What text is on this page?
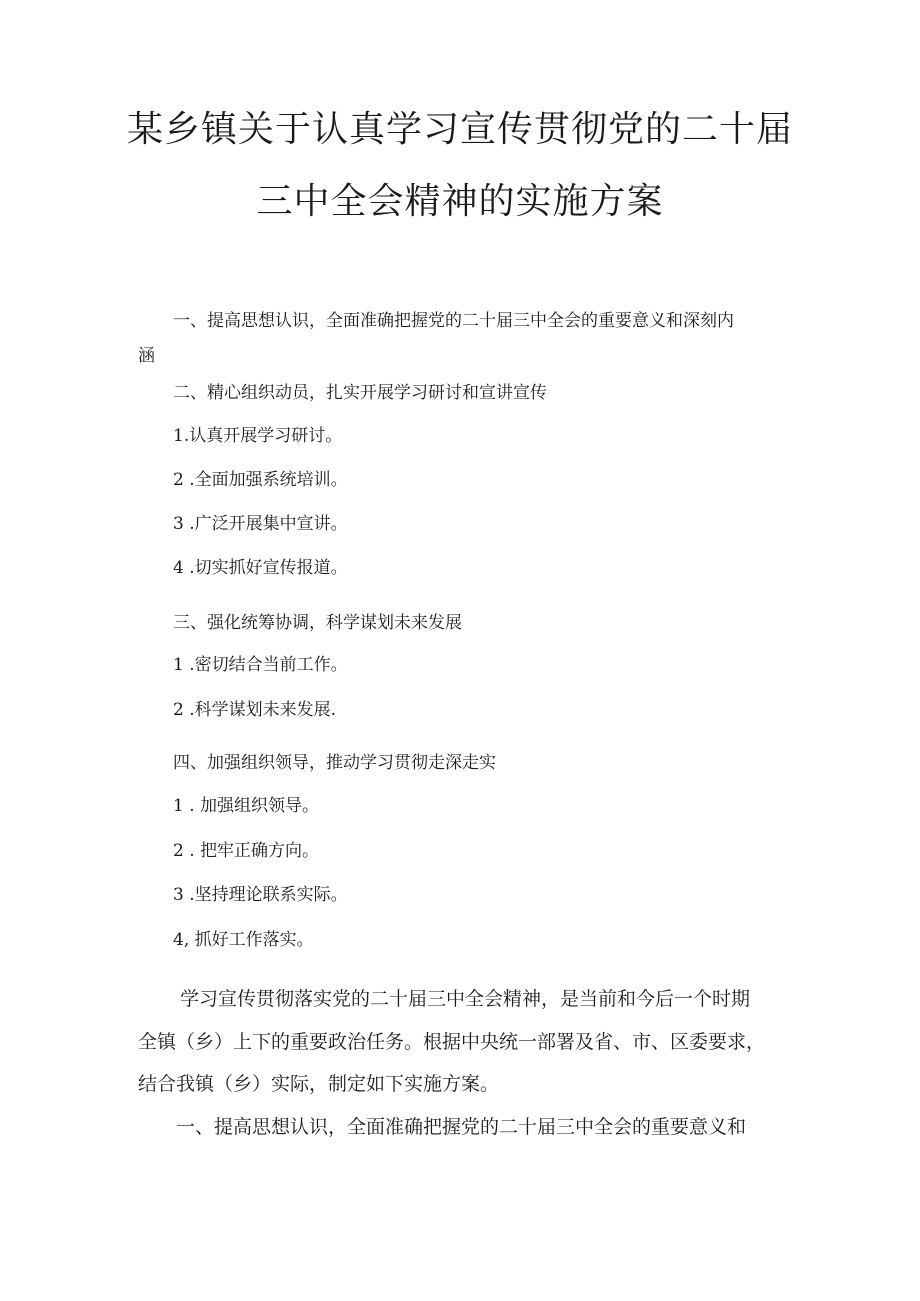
某乡镇关于认真学习宣传贯彻党的二十届
三中全会精神的实施方案

一、提高思想认识，全面准确把握党的二十届三中全会的重要意义和深刻内

涵

二、精心组织动员，扎实开展学习研讨和宣讲宣传

1.认真开展学习研讨。

2 .全面加强系统培训。

3 .广泛开展集中宣讲。

4 .切实抓好宣传报道。

三、强化统筹协调，科学谋划未来发展

1 .密切结合当前工作。

2 .科学谋划未来发展.

四、加强组织领导，推动学习贯彻走深走实

1 . 加强组织领导。

2 . 把牢正确方向。

3 .坚持理论联系实际。

4, 抓好工作落实。

学习宣传贯彻落实党的二十届三中全会精神，是当前和今后一个时期

全镇（乡）上下的重要政治任务。根据中央统一部署及省、市、区委要求，

结合我镇（乡）实际，制定如下实施方案。

一、提高思想认识，全面准确把握党的二十届三中全会的重要意义和
